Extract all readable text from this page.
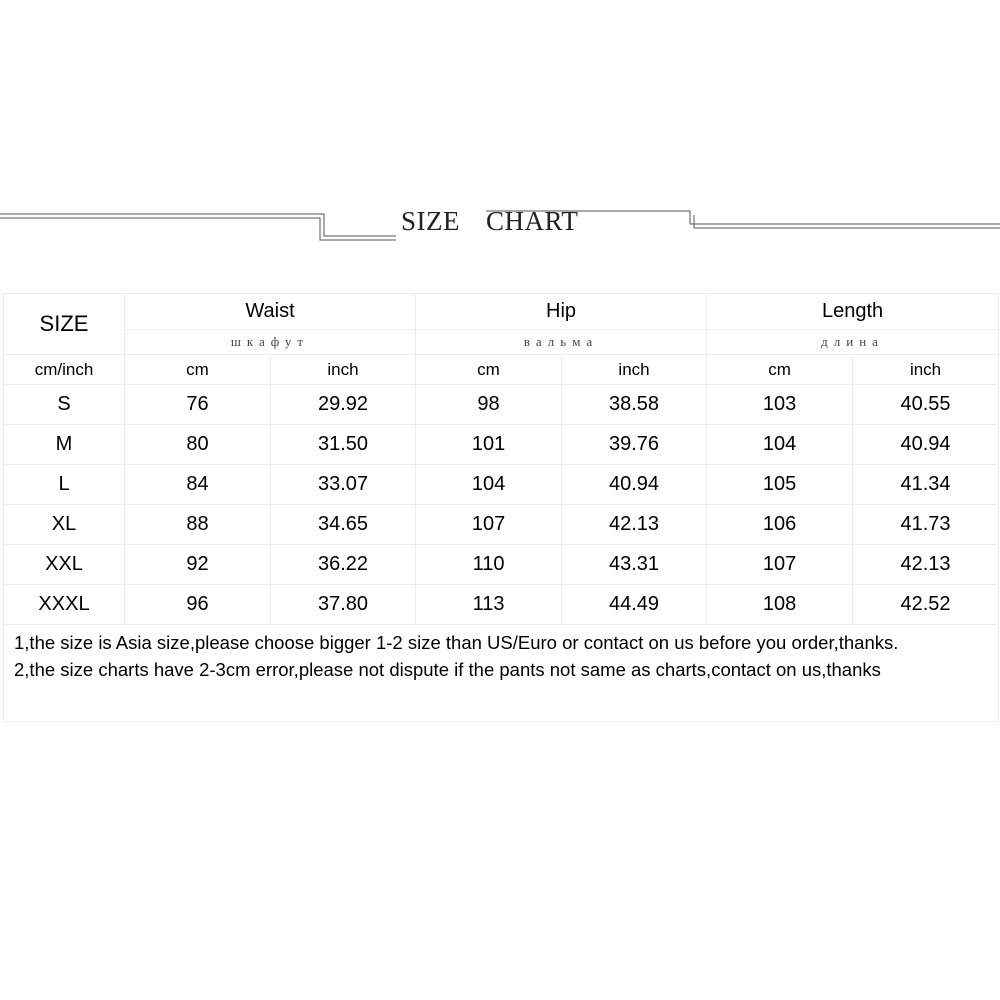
SIZE CHART
SIZE	Waist		Hip		Length	
	шкафут		вальма		длина	
cm/inch	cm	inch	cm	inch	cm	inch
S	76	29.92	98	38.58	103	40.55
M	80	31.50	101	39.76	104	40.94
L	84	33.07	104	40.94	105	41.34
XL	88	34.65	107	42.13	106	41.73
XXL	92	36.22	110	43.31	107	42.13
XXXL	96	37.80	113	44.49	108	42.52

1,the size is Asia size,please choose bigger 1-2 size than US/Euro or contact on us before you order,thanks.
2,the size charts have 2-3cm error,please not dispute if the pants not same as charts,contact on us,thanks						
